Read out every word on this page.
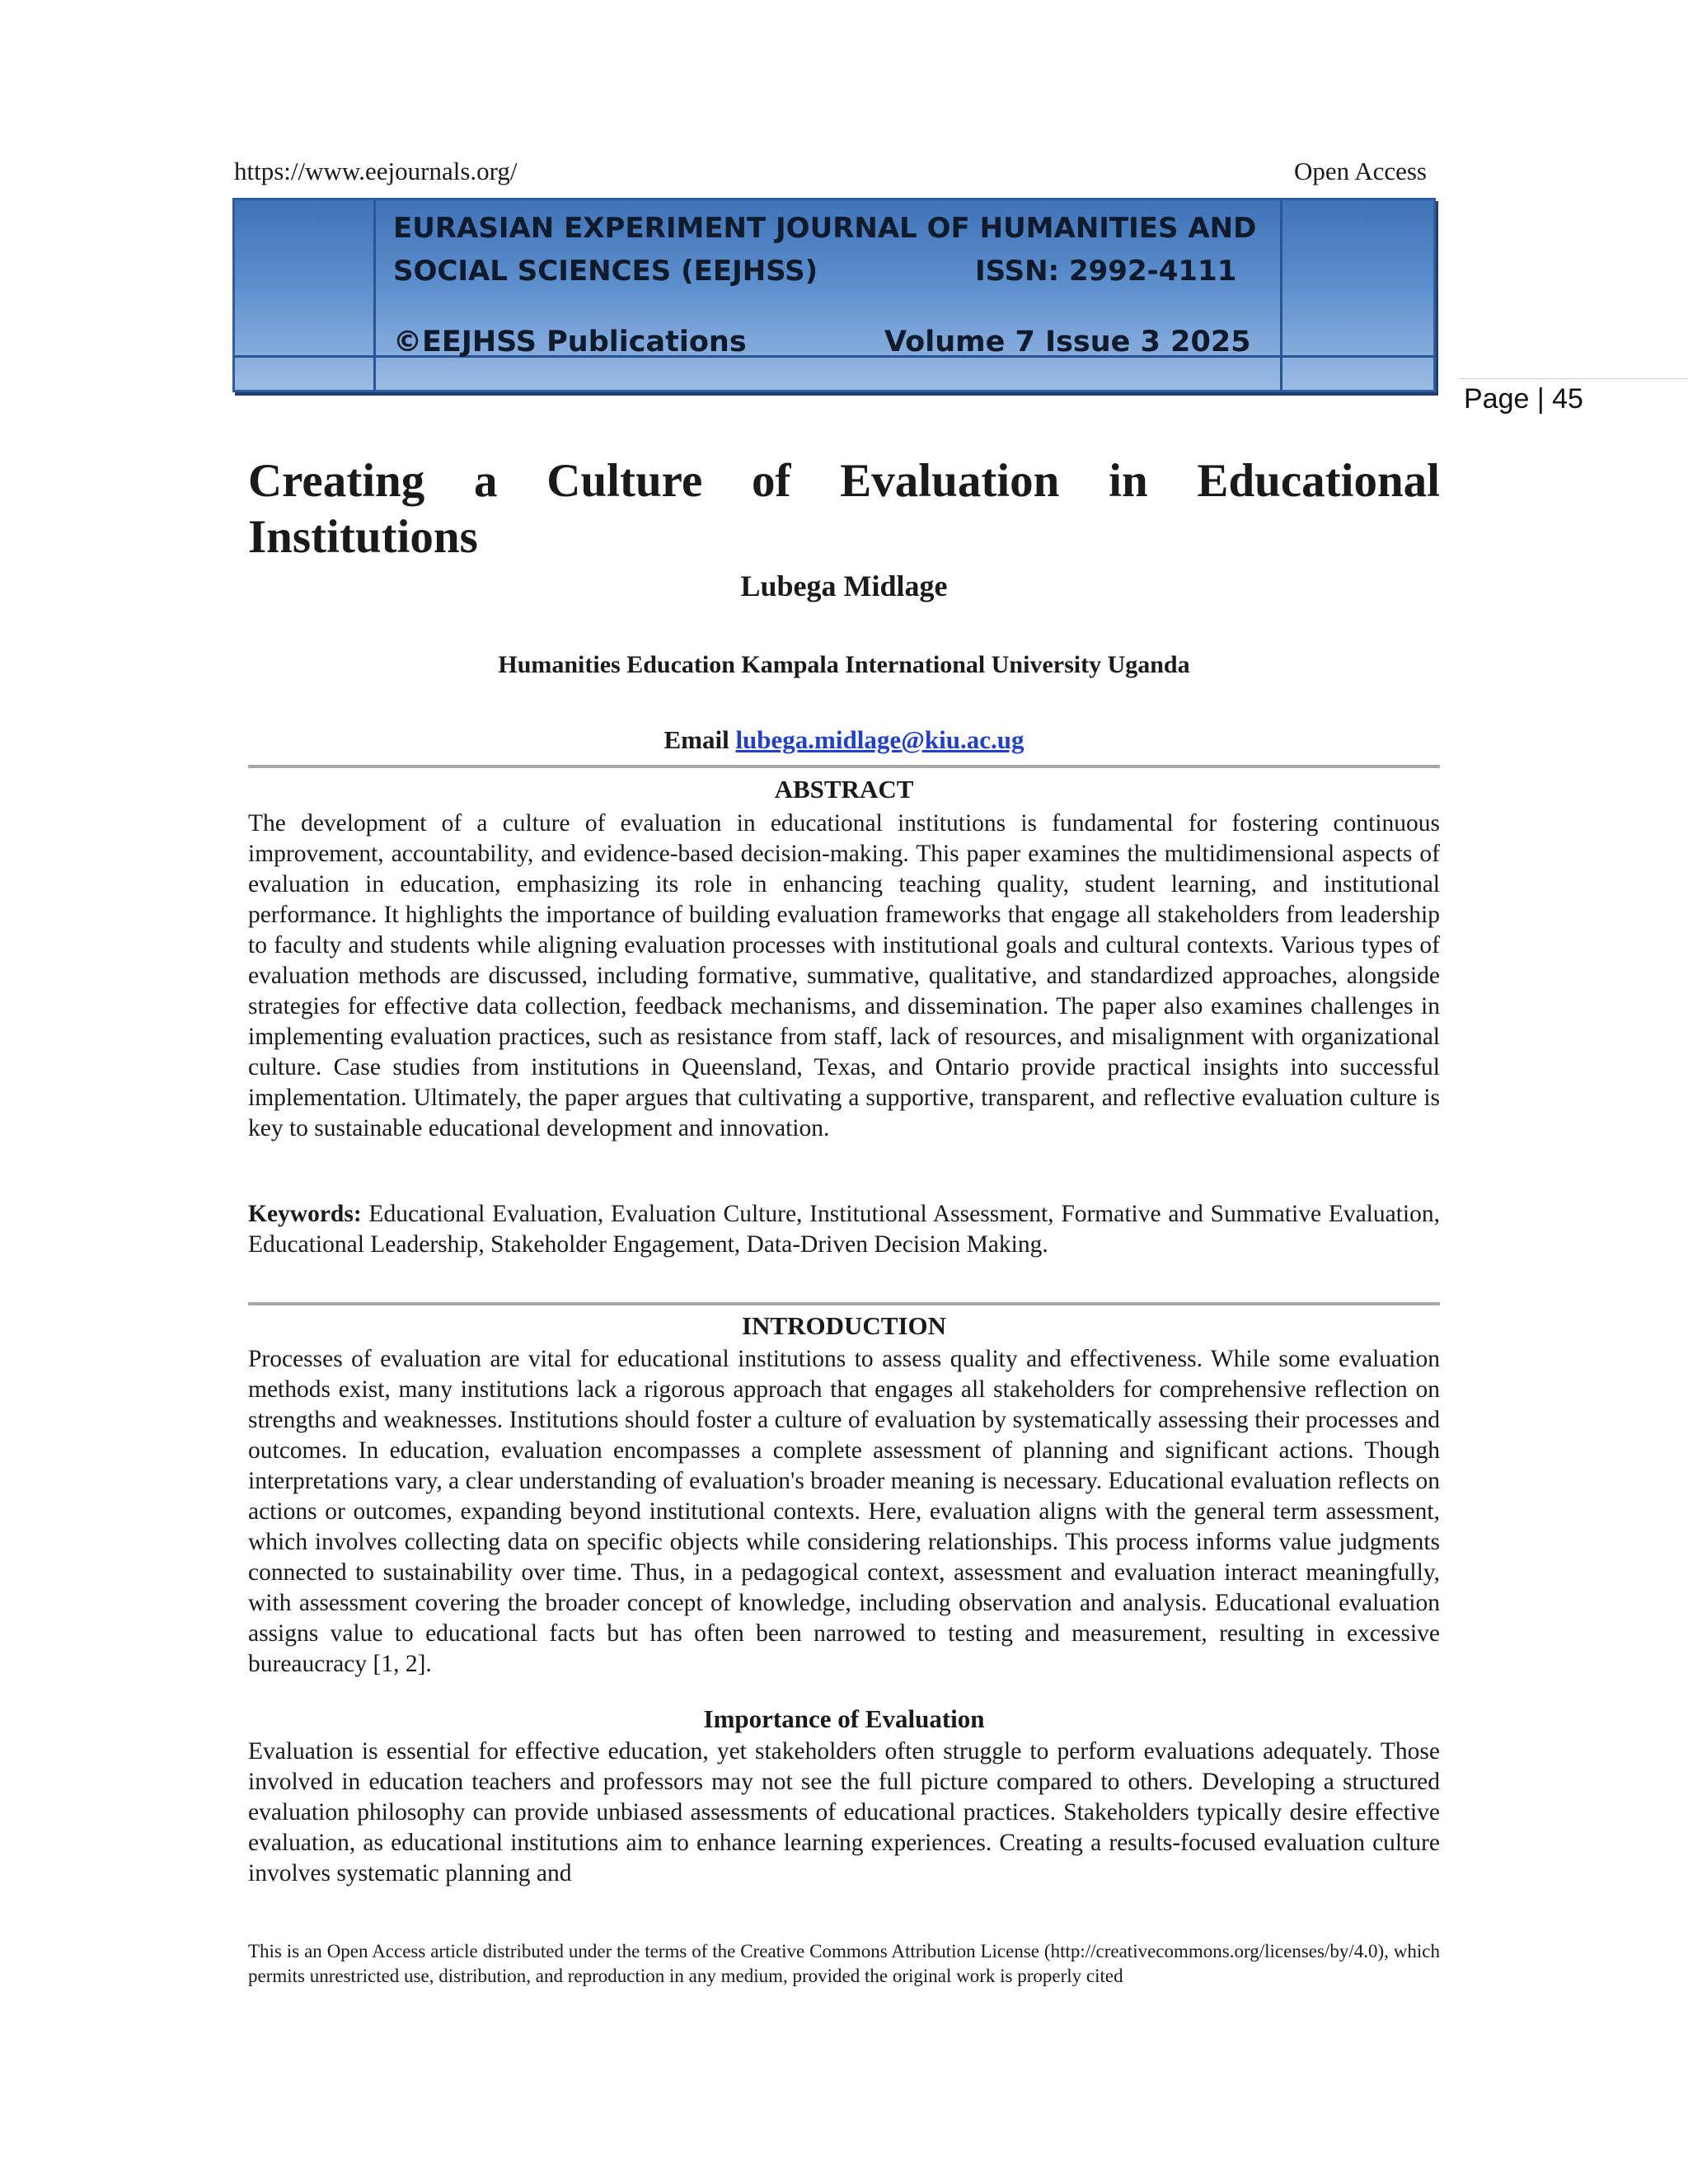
https://www.eejournals.org/	Open Access
EURASIAN EXPERIMENT JOURNAL OF HUMANITIES AND
SOCIAL SCIENCES (EEJHSS)	ISSN: 2992-4111
©EEJHSS Publications	Volume 7 Issue 3 2025
Page | 45
Creating a Culture of Evaluation in Educational Institutions
Lubega Midlage
Humanities Education Kampala International University Uganda
Email lubega.midlage@kiu.ac.ug
ABSTRACT

The development of a culture of evaluation in educational institutions is fundamental for fostering continuous improvement, accountability, and evidence-based decision-making. This paper examines the multidimensional aspects of evaluation in education, emphasizing its role in enhancing teaching quality, student learning, and institutional performance. It highlights the importance of building evaluation frameworks that engage all stakeholders from leadership to faculty and students while aligning evaluation processes with institutional goals and cultural contexts. Various types of evaluation methods are discussed, including formative, summative, qualitative, and standardized approaches, alongside strategies for effective data collection, feedback mechanisms, and dissemination. The paper also examines challenges in implementing evaluation practices, such as resistance from staff, lack of resources, and misalignment with organizational culture. Case studies from institutions in Queensland, Texas, and Ontario provide practical insights into successful implementation. Ultimately, the paper argues that cultivating a supportive, transparent, and reflective evaluation culture is key to sustainable educational development and innovation.

Keywords: Educational Evaluation, Evaluation Culture, Institutional Assessment, Formative and Summative Evaluation, Educational Leadership, Stakeholder Engagement, Data-Driven Decision Making.

INTRODUCTION

Processes of evaluation are vital for educational institutions to assess quality and effectiveness. While some evaluation methods exist, many institutions lack a rigorous approach that engages all stakeholders for comprehensive reflection on strengths and weaknesses. Institutions should foster a culture of evaluation by systematically assessing their processes and outcomes. In education, evaluation encompasses a complete assessment of planning and significant actions. Though interpretations vary, a clear understanding of evaluation's broader meaning is necessary. Educational evaluation reflects on actions or outcomes, expanding beyond institutional contexts. Here, evaluation aligns with the general term assessment, which involves collecting data on specific objects while considering relationships. This process informs value judgments connected to sustainability over time. Thus, in a pedagogical context, assessment and evaluation interact meaningfully, with assessment covering the broader concept of knowledge, including observation and analysis. Educational evaluation assigns value to educational facts but has often been narrowed to testing and measurement, resulting in excessive bureaucracy [1, 2].

Importance of Evaluation

Evaluation is essential for effective education, yet stakeholders often struggle to perform evaluations adequately. Those involved in education teachers and professors may not see the full picture compared to others. Developing a structured evaluation philosophy can provide unbiased assessments of educational practices. Stakeholders typically desire effective evaluation, as educational institutions aim to enhance learning experiences. Creating a results-focused evaluation culture involves systematic planning and

This is an Open Access article distributed under the terms of the Creative Commons Attribution License (http://creativecommons.org/licenses/by/4.0), which permits unrestricted use, distribution, and reproduction in any medium, provided the original work is properly cited
